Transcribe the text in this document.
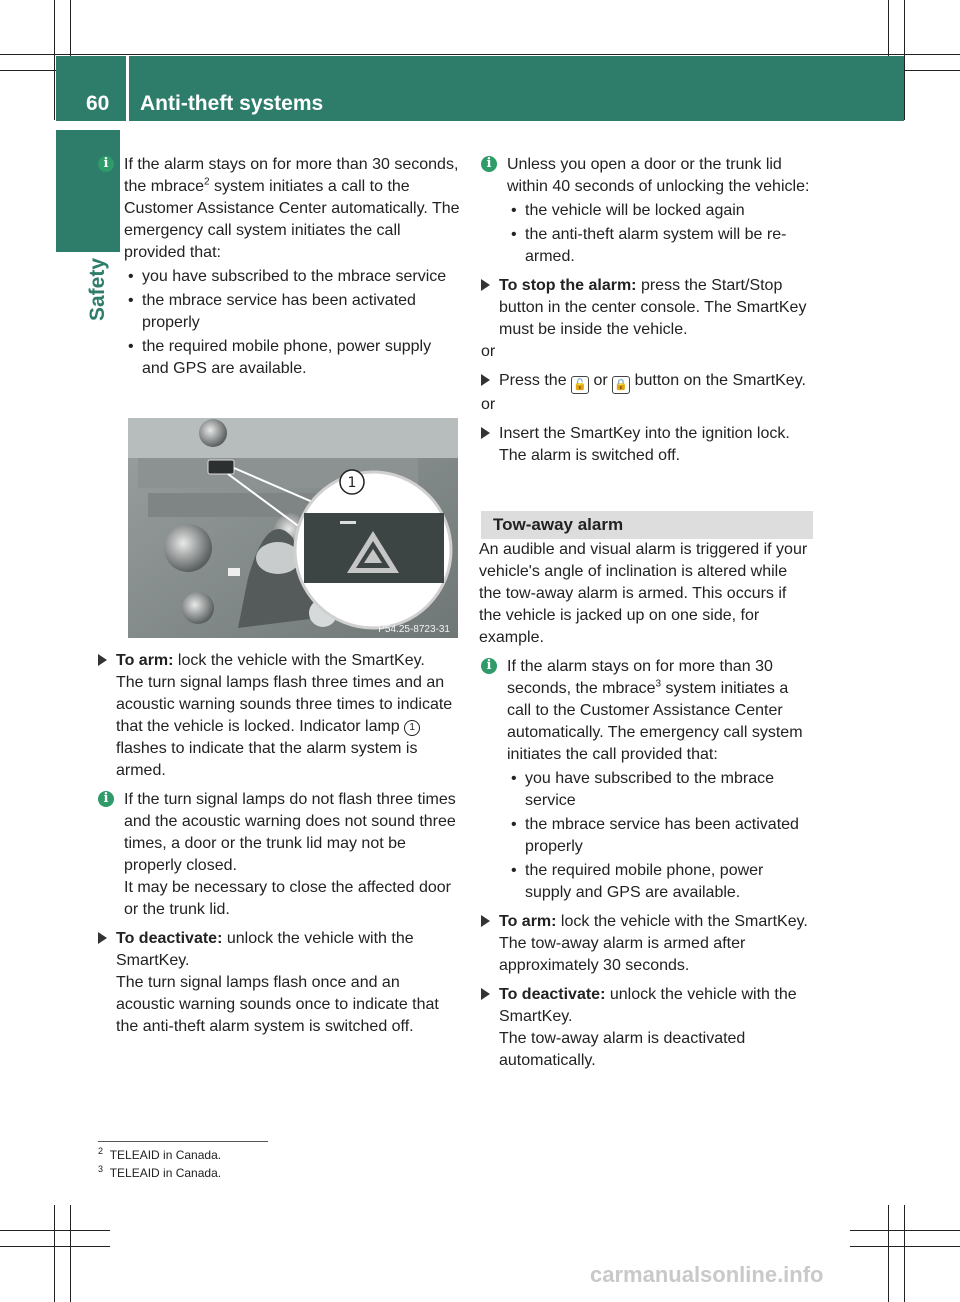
60 Anti-theft systems
Safety
i If the alarm stays on for more than 30 seconds, the mbrace$^2$ system initiates a call to the Customer Assistance Center automatically. The emergency call system initiates the call provided that:

• you have subscribed to the mbrace service
• the mbrace service has been activated properly
• the required mobile phone, power supply and GPS are available.
1
P54.25-8723-31

To arm: lock the vehicle with the SmartKey.

The turn signal lamps flash three times and an acoustic warning sounds three times to indicate that the vehicle is locked. Indicator lamp 1 flashes to indicate that the alarm system is armed.

i If the turn signal lamps do not flash three times and the acoustic warning does not sound three times, a door or the trunk lid may not be properly closed.

It may be necessary to close the affected door or the trunk lid.

To deactivate: unlock the vehicle with the SmartKey.

The turn signal lamps flash once and an acoustic warning sounds once to indicate that the anti-theft alarm system is switched off.

i Unless you open a door or the trunk lid within 40 seconds of unlocking the vehicle:

• the vehicle will be locked again
• the anti-theft alarm system will be re-armed.

To stop the alarm: press the Start/Stop button in the center console. The SmartKey must be inside the vehicle.

or

Press the 🔓 or 🔒 button on the SmartKey.

or

Insert the SmartKey into the ignition lock.

The alarm is switched off.

Tow-away alarm

An audible and visual alarm is triggered if your vehicle's angle of inclination is altered while the tow-away alarm is armed. This occurs if the vehicle is jacked up on one side, for example.

i If the alarm stays on for more than 30 seconds, the mbrace$^3$ system initiates a call to the Customer Assistance Center automatically. The emergency call system initiates the call provided that:

• you have subscribed to the mbrace service
• the mbrace service has been activated properly
• the required mobile phone, power supply and GPS are available.

To arm: lock the vehicle with the SmartKey.

The tow-away alarm is armed after approximately 30 seconds.

To deactivate: unlock the vehicle with the SmartKey.

The tow-away alarm is deactivated automatically.

$^2$ TELEAID in Canada.
$^3$ TELEAID in Canada.
carmanualsonline.info
